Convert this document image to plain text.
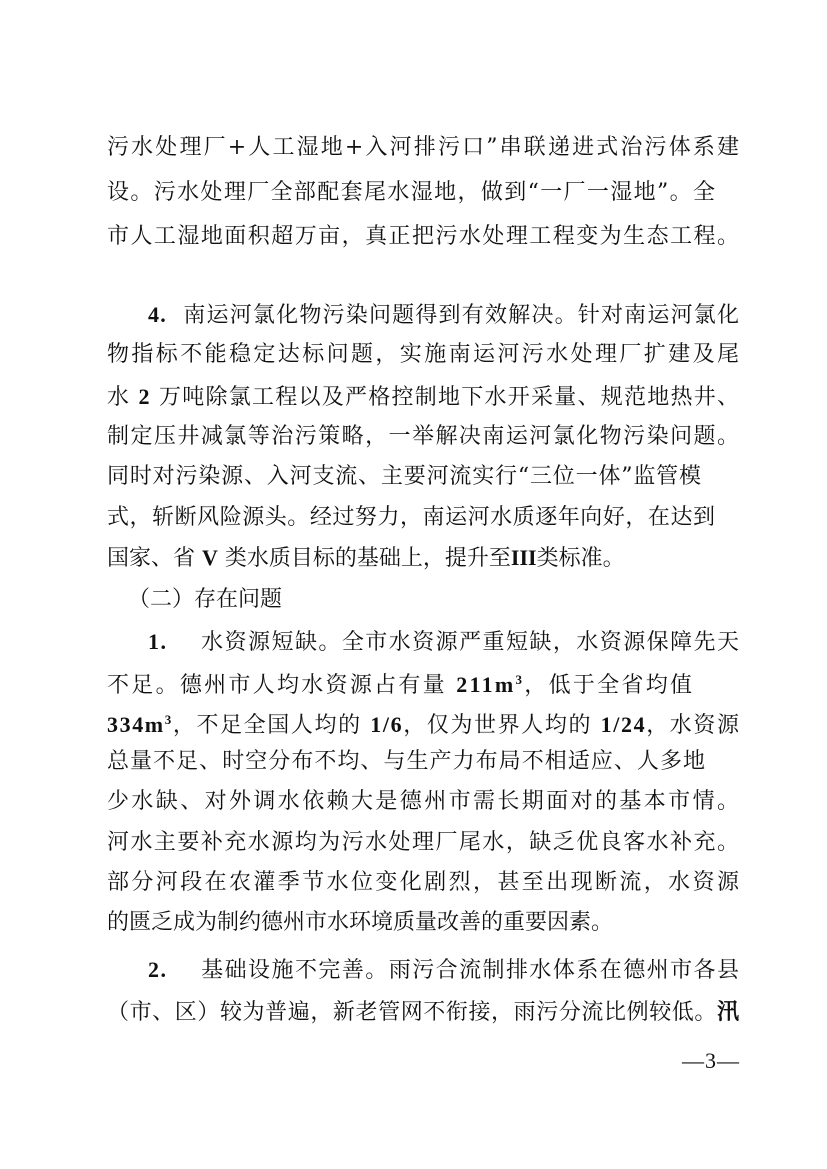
污水处理厂+人工湿地+入河排污口”串联递进式治污体系建
设。污水处理厂全部配套尾水湿地，做到“一厂一湿地”。全
市人工湿地面积超万亩，真正把污水处理工程变为生态工程。
4.  南运河氯化物污染问题得到有效解决。针对南运河氯化
物指标不能稳定达标问题，实施南运河污水处理厂扩建及尾
水 2 万吨除氯工程以及严格控制地下水开采量、规范地热井、
制定压井减氯等治污策略，一举解决南运河氯化物污染问题。
同时对污染源、入河支流、主要河流实行“三位一体”监管模
式，斩断风险源头。经过努力，南运河水质逐年向好，在达到
国家、省 V 类水质目标的基础上，提升至III类标准。
（二）存在问题
1.    水资源短缺。全市水资源严重短缺，水资源保障先天
不足。德州市人均水资源占有量 $211m^3$，低于全省均值
$334m^3$，不足全国人均的 1/6，仅为世界人均的 1/24，水资源
总量不足、时空分布不均、与生产力布局不相适应、人多地
少水缺、对外调水依赖大是德州市需长期面对的基本市情。
河水主要补充水源均为污水处理厂尾水，缺乏优良客水补充。
部分河段在农灌季节水位变化剧烈，甚至出现断流，水资源
的匮乏成为制约德州市水环境质量改善的重要因素。
2.    基础设施不完善。雨污合流制排水体系在德州市各县
（市、区）较为普遍，新老管网不衔接，雨污分流比例较低。汛
—3—
